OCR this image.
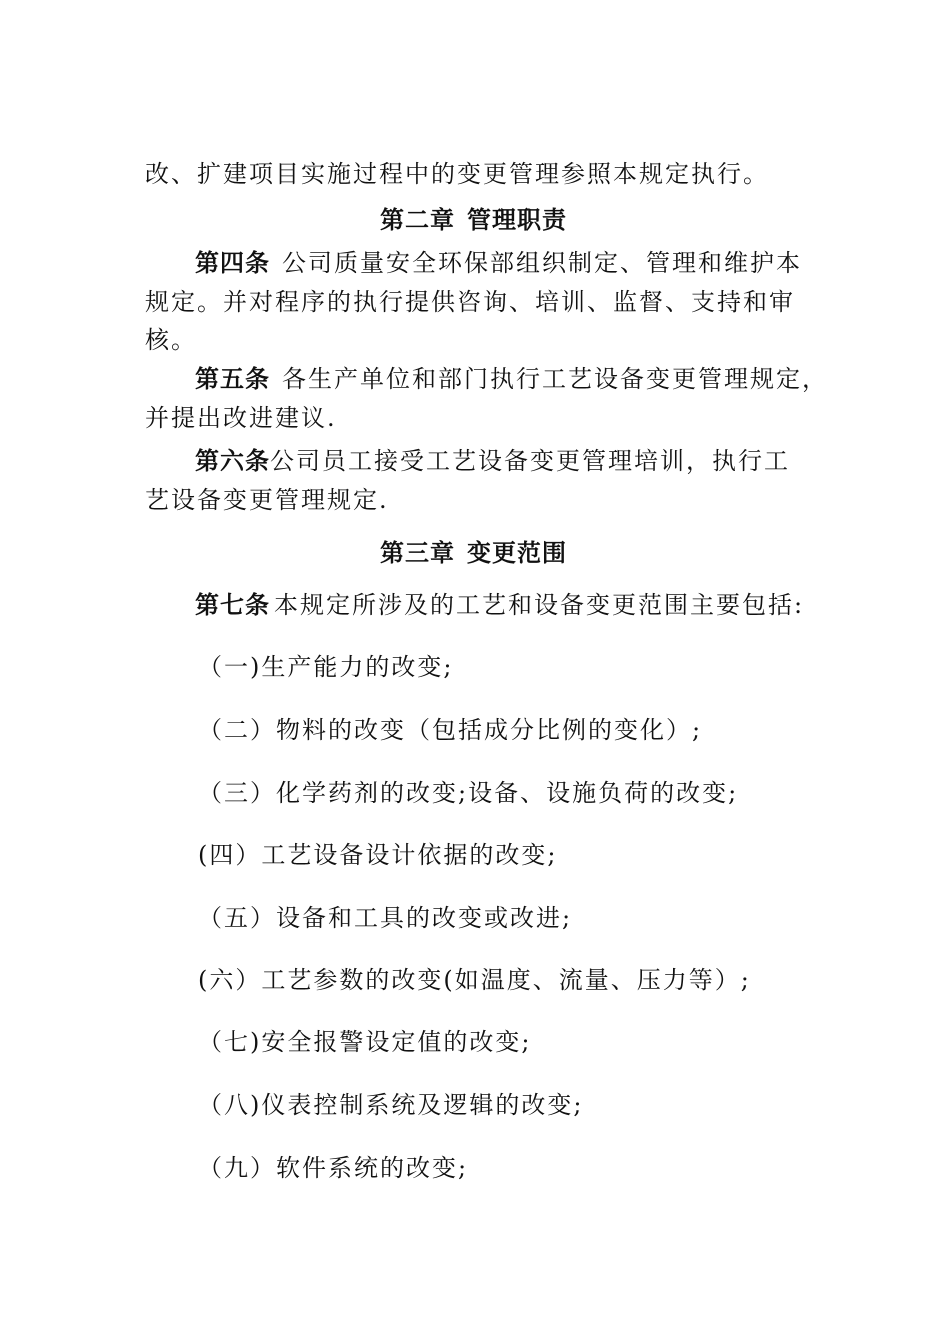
改、扩建项目实施过程中的变更管理参照本规定执行。
第二章 管理职责
第四条 公司质量安全环保部组织制定、管理和维护本
规定。并对程序的执行提供咨询、培训、监督、支持和审
核。
第五条 各生产单位和部门执行工艺设备变更管理规定，
并提出改进建议.
第六条公司员工接受工艺设备变更管理培训，执行工
艺设备变更管理规定.
第三章 变更范围
第七条 本规定所涉及的工艺和设备变更范围主要包括:
（一)生产能力的改变;
（二）物料的改变（包括成分比例的变化）;
（三）化学药剂的改变;设备、设施负荷的改变;
(四）工艺设备设计依据的改变;
（五）设备和工具的改变或改进;
(六）工艺参数的改变(如温度、流量、压力等）;
（七)安全报警设定值的改变;
（八)仪表控制系统及逻辑的改变;
（九）软件系统的改变;
